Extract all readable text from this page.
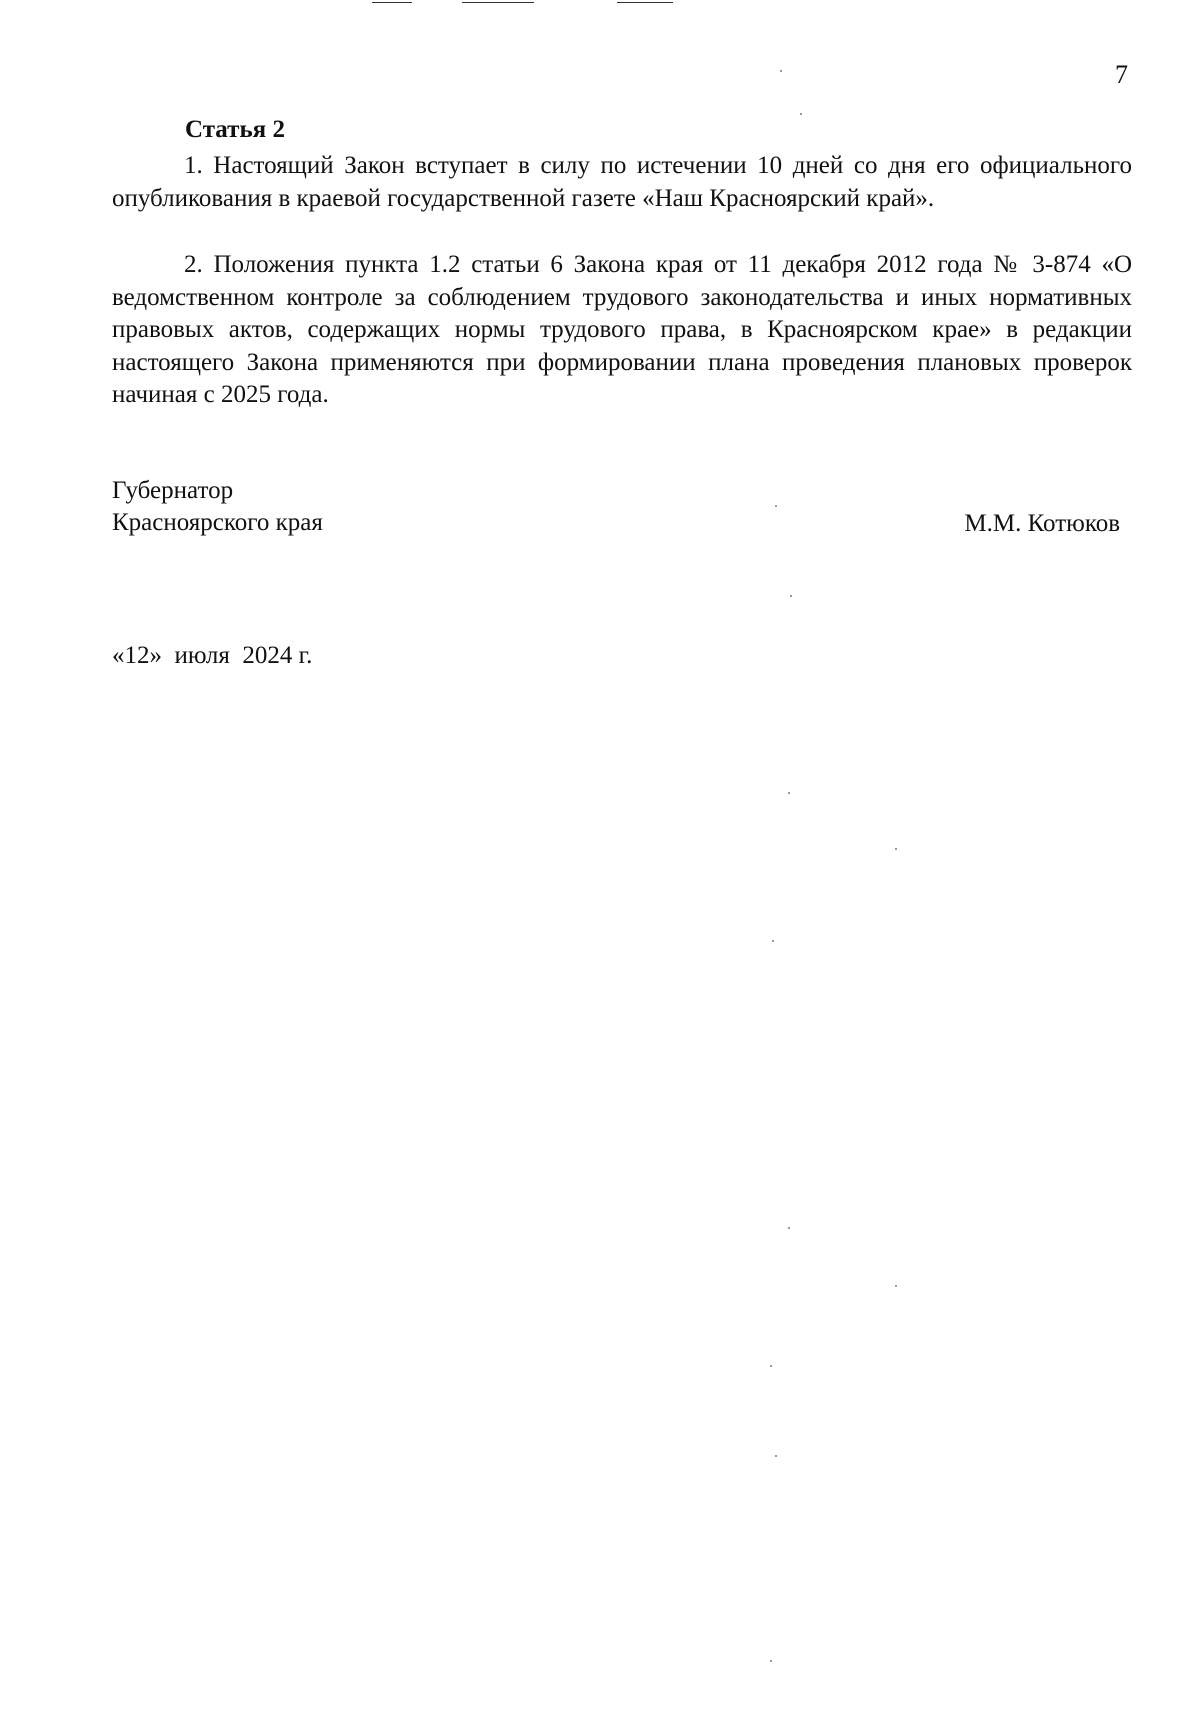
7
Статья 2
1. Настоящий Закон вступает в силу по истечении 10 дней со дня его официального опубликования в краевой государственной газете «Наш Красноярский край».
2. Положения пункта 1.2 статьи 6 Закона края от 11 декабря 2012 года № 3-874 «О ведомственном контроле за соблюдением трудового законодательства и иных нормативных правовых актов, содержащих нормы трудового права, в Красноярском крае» в редакции настоящего Закона применяются при формировании плана проведения плановых проверок начиная с 2025 года.
Губернатор
Красноярского края	М.М. Котюков
«12»  июля  2024 г.
